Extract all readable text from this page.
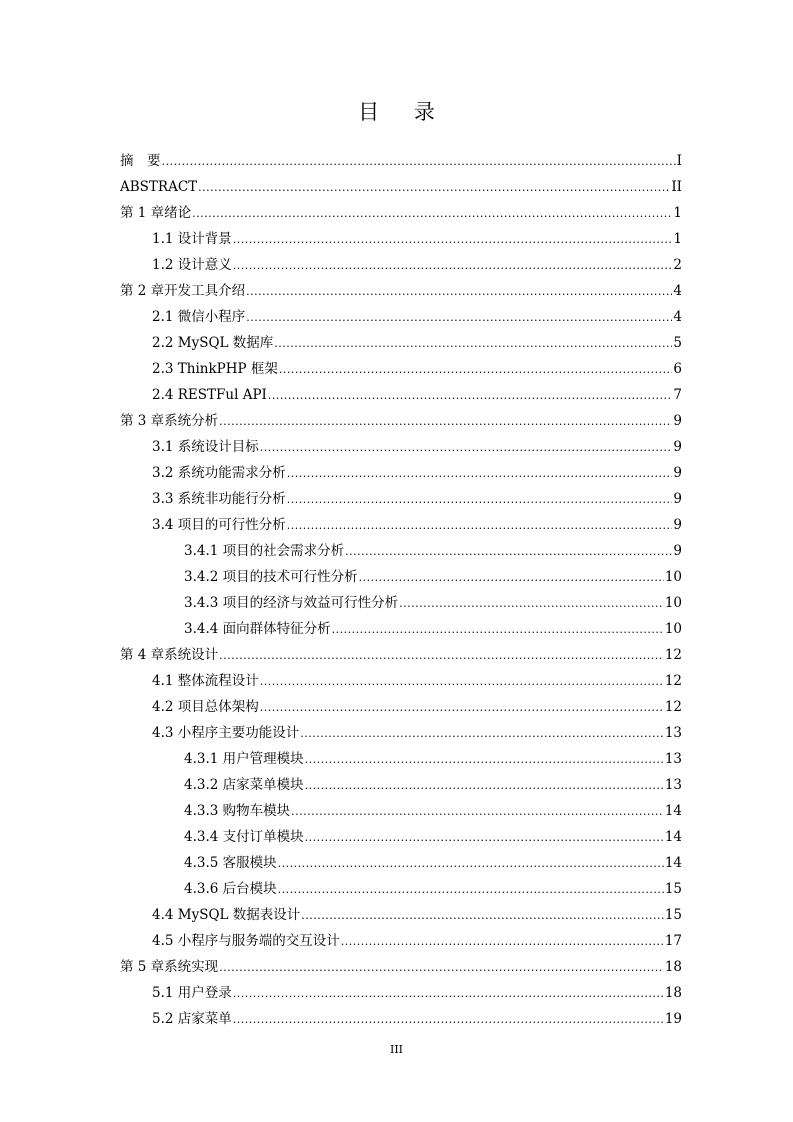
目 录
摘　要 .....	I
ABSTRACT .....	II
第 1 章绪论 .....	1
1.1 设计背景 .....	1
1.2 设计意义 .....	2
第 2 章开发工具介绍 .....	4
2.1 微信小程序 .....	4
2.2 MySQL 数据库 .....	5
2.3 ThinkPHP 框架 .....	6
2.4 RESTFul API .....	7
第 3 章系统分析 .....	9
3.1 系统设计目标 .....	9
3.2 系统功能需求分析 .....	9
3.3 系统非功能行分析 .....	9
3.4 项目的可行性分析 .....	9
3.4.1 项目的社会需求分析 .....	9
3.4.2 项目的技术可行性分析 .....	10
3.4.3 项目的经济与效益可行性分析 .....	10
3.4.4 面向群体特征分析 .....	10
第 4 章系统设计 .....	12
4.1 整体流程设计 .....	12
4.2 项目总体架构 .....	12
4.3 小程序主要功能设计 .....	13
4.3.1 用户管理模块 .....	13
4.3.2 店家菜单模块 .....	13
4.3.3 购物车模块 .....	14
4.3.4 支付订单模块 .....	14
4.3.5 客服模块 .....	14
4.3.6 后台模块 .....	15
4.4 MySQL 数据表设计 .....	15
4.5 小程序与服务端的交互设计 .....	17
第 5 章系统实现 .....	18
5.1 用户登录 .....	18
5.2 店家菜单 .....	19
III
